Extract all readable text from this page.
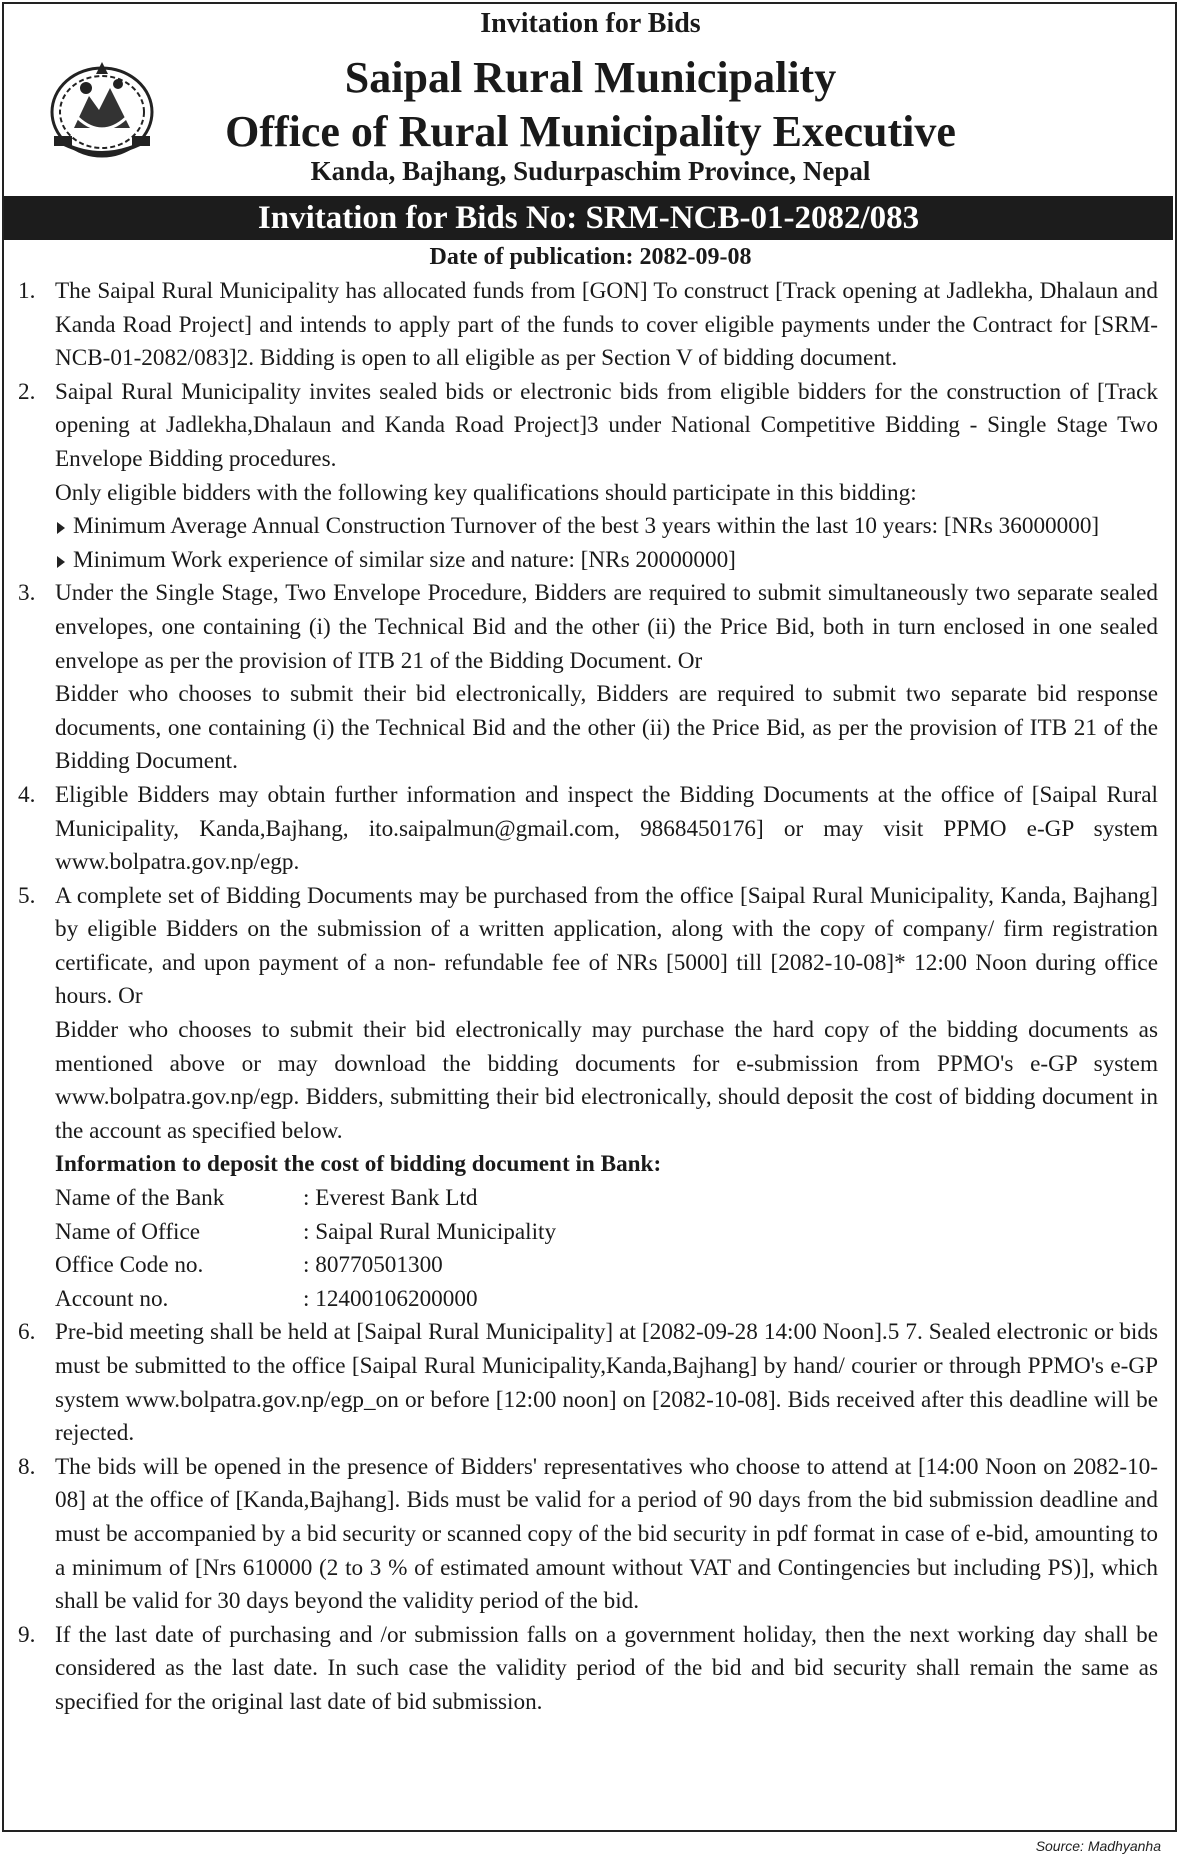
Invitation for Bids
Saipal Rural Municipality
Office of Rural Municipality Executive
Kanda, Bajhang, Sudurpaschim Province, Nepal
Invitation for Bids No: SRM-NCB-01-2082/083
Date of publication: 2082-09-08
1. The Saipal Rural Municipality has allocated funds from [GON] To construct [Track opening at Jadlekha, Dhalaun and Kanda Road Project] and intends to apply part of the funds to cover eligible payments under the Contract for [SRM-NCB-01-2082/083]2. Bidding is open to all eligible as per Section V of bidding document.

2. Saipal Rural Municipality invites sealed bids or electronic bids from eligible bidders for the construction of [Track opening at Jadlekha,Dhalaun and Kanda Road Project]3 under National Competitive Bidding - Single Stage Two Envelope Bidding procedures.

Only eligible bidders with the following key qualifications should participate in this bidding:

Minimum Average Annual Construction Turnover of the best 3 years within the last 10 years: [NRs 36000000]
Minimum Work experience of similar size and nature: [NRs 20000000]
3. Under the Single Stage, Two Envelope Procedure, Bidders are required to submit simultaneously two separate sealed envelopes, one containing (i) the Technical Bid and the other (ii) the Price Bid, both in turn enclosed in one sealed envelope as per the provision of ITB 21 of the Bidding Document. Or

Bidder who chooses to submit their bid electronically, Bidders are required to submit two separate bid response documents, one containing (i) the Technical Bid and the other (ii) the Price Bid, as per the provision of ITB 21 of the Bidding Document.

4. Eligible Bidders may obtain further information and inspect the Bidding Documents at the office of [Saipal Rural Municipality, Kanda,Bajhang, ito.saipalmun@gmail.com, 9868450176] or may visit PPMO e-GP system www.bolpatra.gov.np/egp.

5. A complete set of Bidding Documents may be purchased from the office [Saipal Rural Municipality, Kanda, Bajhang] by eligible Bidders on the submission of a written application, along with the copy of company/ firm registration certificate, and upon payment of a non- refundable fee of NRs [5000] till [2082-10-08]* 12:00 Noon during office hours. Or

Bidder who chooses to submit their bid electronically may purchase the hard copy of the bidding documents as mentioned above or may download the bidding documents for e-submission from PPMO's e-GP system www.bolpatra.gov.np/egp. Bidders, submitting their bid electronically, should deposit the cost of bidding document in the account as specified below.

Information to deposit the cost of bidding document in Bank:

Name of the Bank	: Everest Bank Ltd
Name of Office	: Saipal Rural Municipality
Office Code no.	: 80770501300
Account no.	: 12400106200000
6. Pre-bid meeting shall be held at [Saipal Rural Municipality] at [2082-09-28 14:00 Noon].5 7. Sealed electronic or bids must be submitted to the office [Saipal Rural Municipality,Kanda,Bajhang] by hand/ courier or through PPMO's e-GP system www.bolpatra.gov.np/egp_on or before [12:00 noon] on [2082-10-08]. Bids received after this deadline will be rejected.

8. The bids will be opened in the presence of Bidders' representatives who choose to attend at [14:00 Noon on 2082-10-08] at the office of [Kanda,Bajhang]. Bids must be valid for a period of 90 days from the bid submission deadline and must be accompanied by a bid security or scanned copy of the bid security in pdf format in case of e-bid, amounting to a minimum of [Nrs 610000 (2 to 3 % of estimated amount without VAT and Contingencies but including PS)], which shall be valid for 30 days beyond the validity period of the bid.

9. If the last date of purchasing and /or submission falls on a government holiday, then the next working day shall be considered as the last date. In such case the validity period of the bid and bid security shall remain the same as specified for the original last date of bid submission.

Source: Madhyanha
